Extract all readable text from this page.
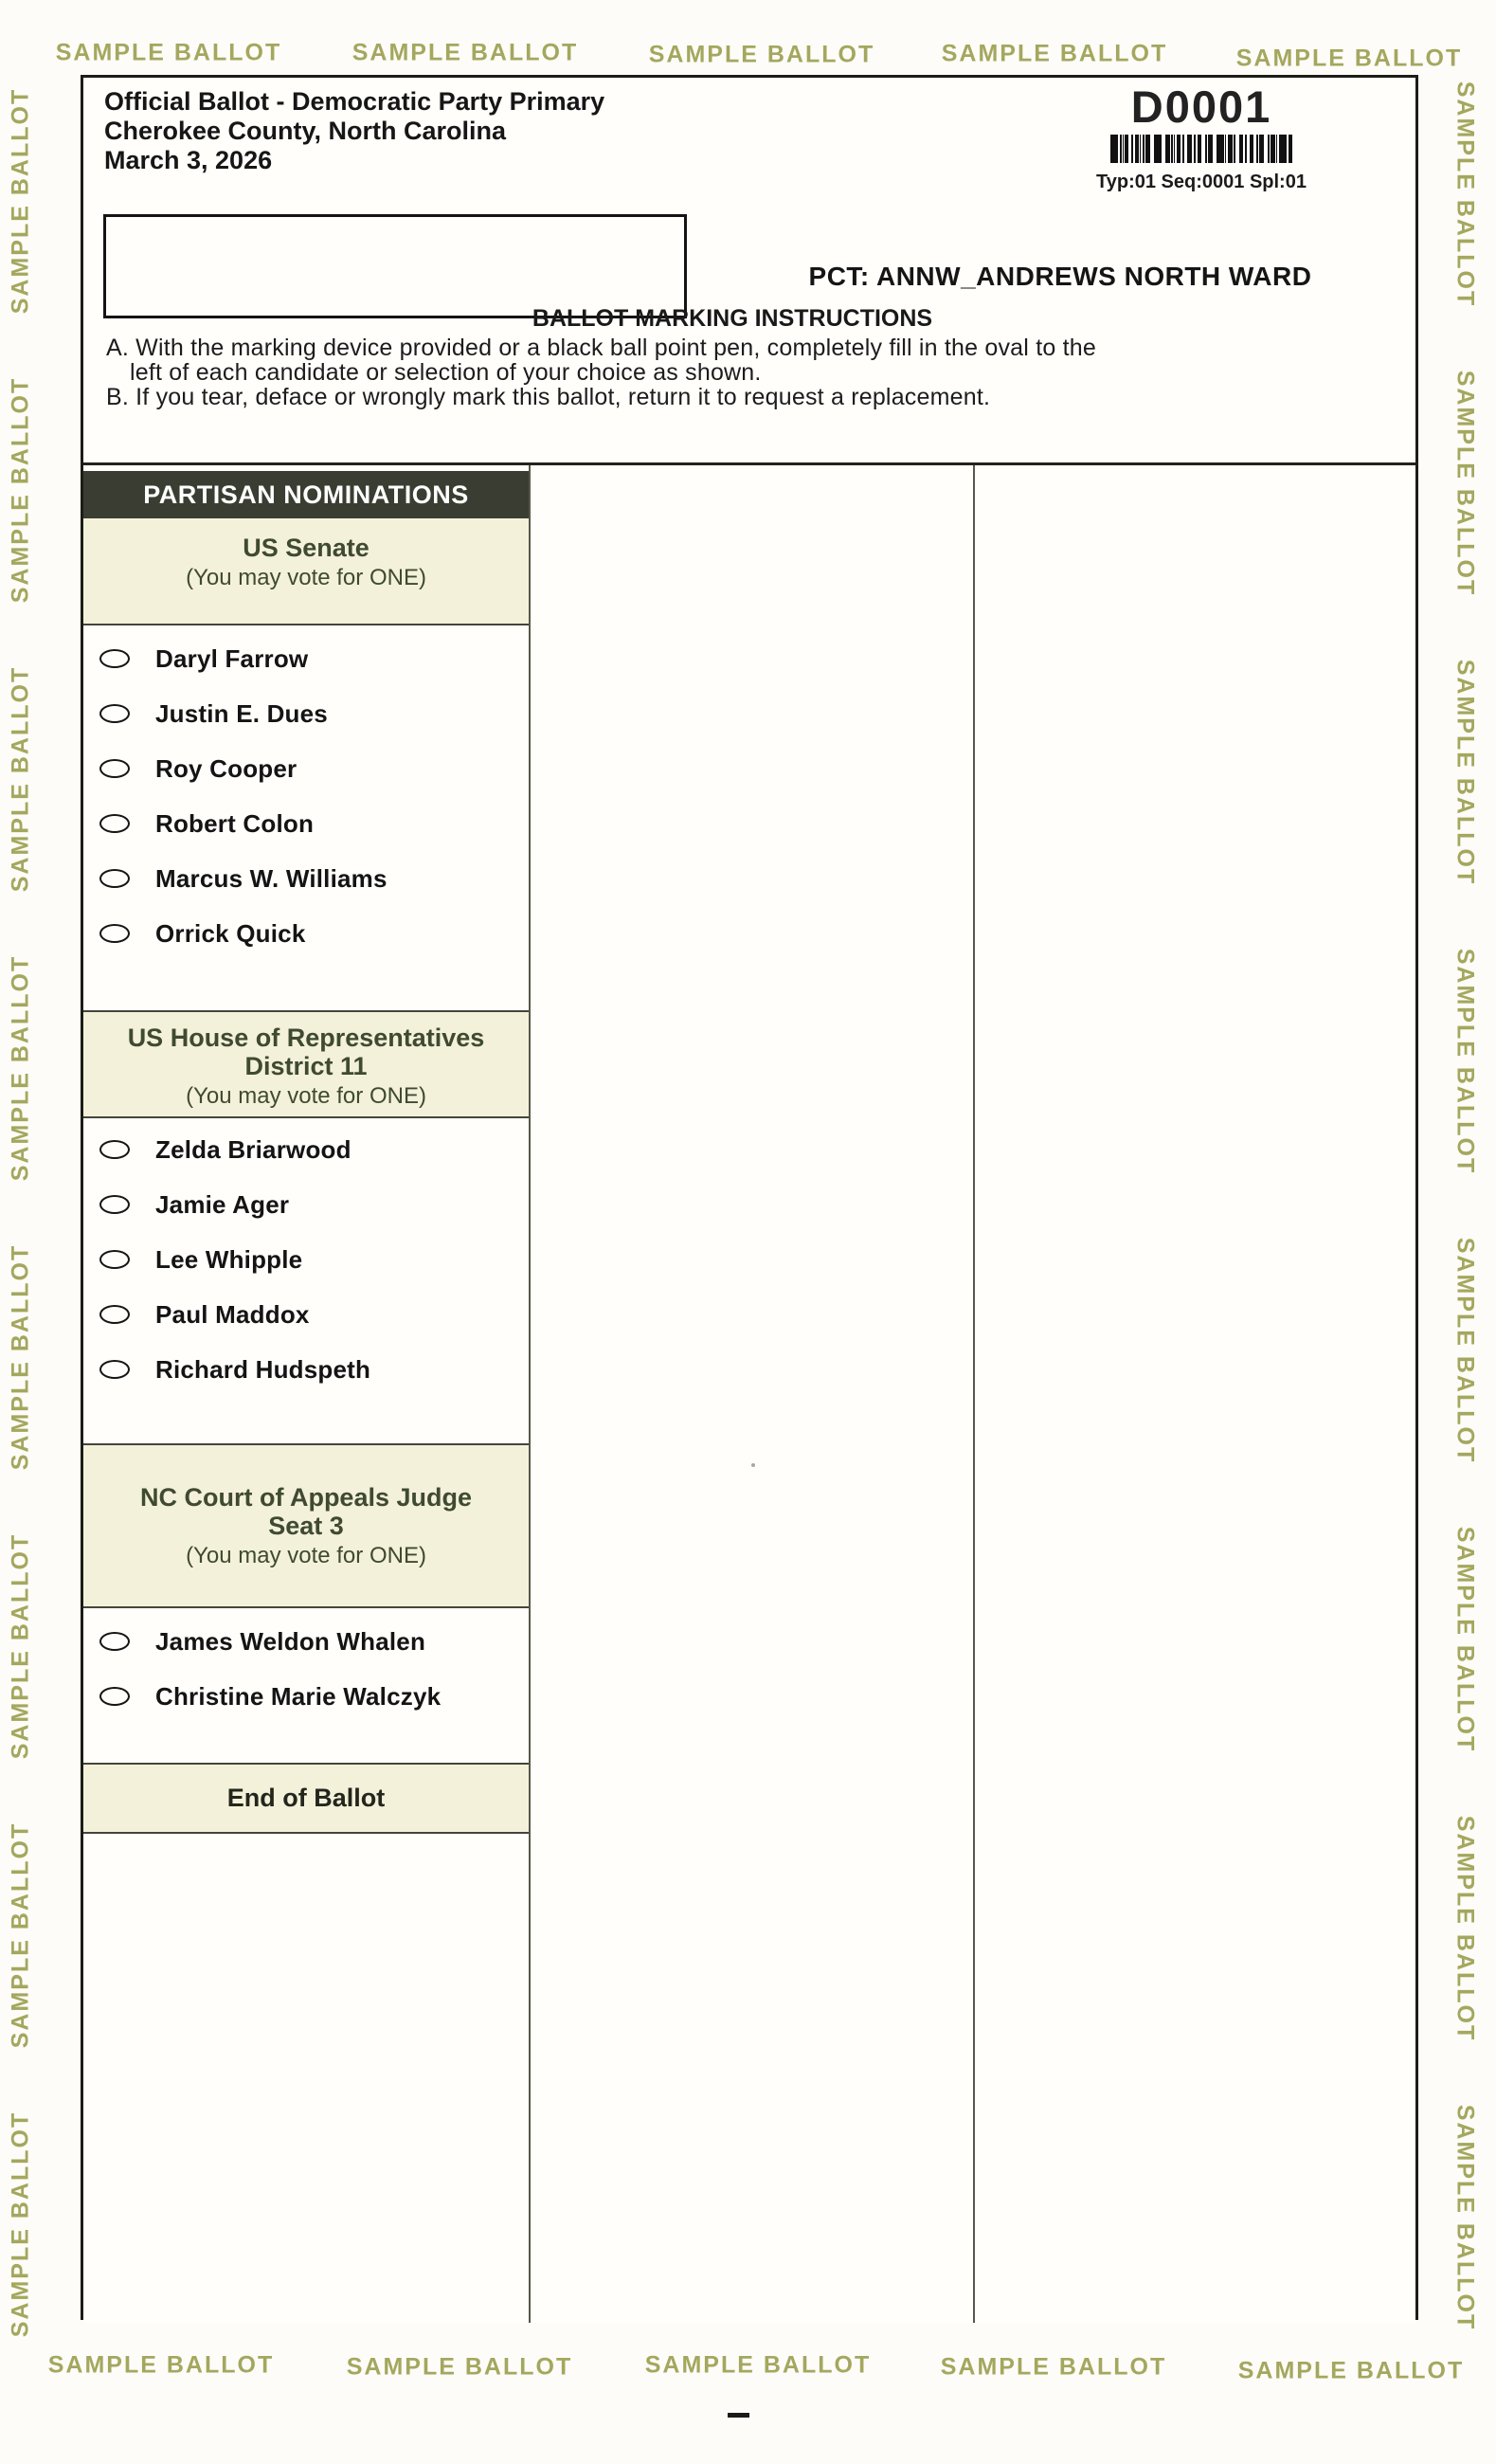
SAMPLE BALLOT	SAMPLE BALLOT	SAMPLE BALLOT	SAMPLE BALLOT	SAMPLE BALLOT
SAMPLE BALLOT	SAMPLE BALLOT	SAMPLE BALLOT	SAMPLE BALLOT	SAMPLE BALLOT
SAMPLE BALLOT
SAMPLE BALLOT
SAMPLE BALLOT
SAMPLE BALLOT
SAMPLE BALLOT
SAMPLE BALLOT
SAMPLE BALLOT
SAMPLE BALLOT
SAMPLE BALLOT
SAMPLE BALLOT
SAMPLE BALLOT
SAMPLE BALLOT
SAMPLE BALLOT
SAMPLE BALLOT
SAMPLE BALLOT
SAMPLE BALLOT
Official Ballot - Democratic Party Primary
Cherokee County, North Carolina
March 3, 2026
D0001
Typ:01 Seq:0001 Spl:01
PCT: ANNW_ANDREWS NORTH WARD
BALLOT MARKING INSTRUCTIONS
A. With the marking device provided or a black ball point pen, completely fill in the oval to the
left of each candidate or selection of your choice as shown.
B. If you tear, deface or wrongly mark this ballot, return it to request a replacement.
PARTISAN NOMINATIONS
US Senate
(You may vote for ONE)
Daryl Farrow
Justin E. Dues
Roy Cooper
Robert Colon
Marcus W. Williams
Orrick Quick
US House of Representatives
District 11
(You may vote for ONE)
Zelda Briarwood
Jamie Ager
Lee Whipple
Paul Maddox
Richard Hudspeth
NC Court of Appeals Judge
Seat 3
(You may vote for ONE)
James Weldon Whalen
Christine Marie Walczyk
End of Ballot
